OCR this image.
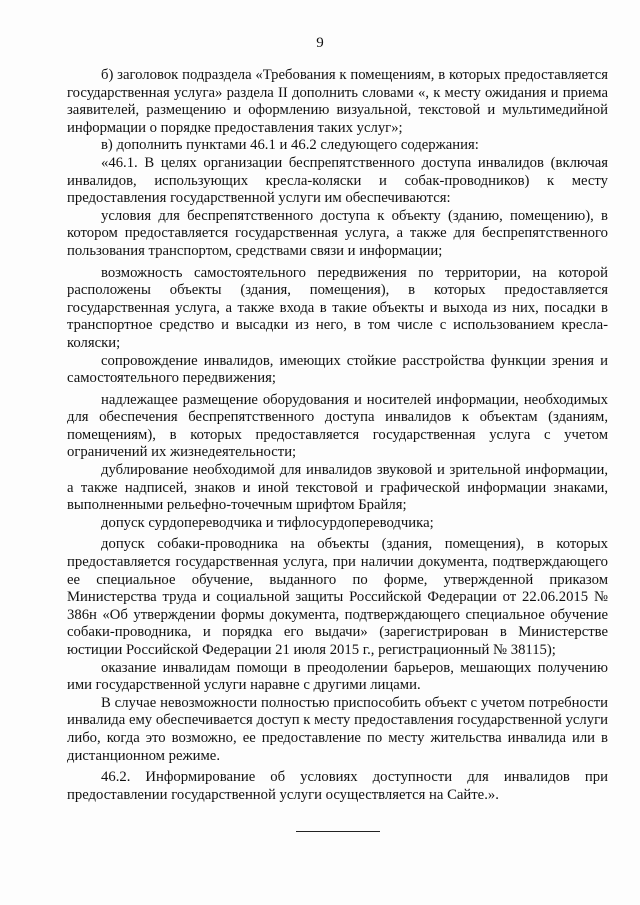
9

б) заголовок подраздела «Требования к помещениям, в которых предоставляется государственная услуга» раздела II дополнить словами «, к месту ожидания и приема заявителей, размещению и оформлению визуальной, текстовой и мультимедийной информации о порядке предоставления таких услуг»;

в) дополнить пунктами 46.1 и 46.2 следующего содержания:

«46.1. В целях организации беспрепятственного доступа инвалидов (включая инвалидов, использующих кресла-коляски и собак-проводников) к месту предоставления государственной услуги им обеспечиваются:

условия для беспрепятственного доступа к объекту (зданию, помещению), в котором предоставляется государственная услуга, а также для беспрепятственного пользования транспортом, средствами связи и информации;

возможность самостоятельного передвижения по территории, на которой расположены объекты (здания, помещения), в которых предоставляется государственная услуга, а также входа в такие объекты и выхода из них, посадки в транспортное средство и высадки из него, в том числе с использованием кресла-коляски;

сопровождение инвалидов, имеющих стойкие расстройства функции зрения и самостоятельного передвижения;

надлежащее размещение оборудования и носителей информации, необходимых для обеспечения беспрепятственного доступа инвалидов к объектам (зданиям, помещениям), в которых предоставляется государственная услуга с учетом ограничений их жизнедеятельности;

дублирование необходимой для инвалидов звуковой и зрительной информации, а также надписей, знаков и иной текстовой и графической информации знаками, выполненными рельефно-точечным шрифтом Брайля;

допуск сурдопереводчика и тифлосурдопереводчика;

допуск собаки-проводника на объекты (здания, помещения), в которых предоставляется государственная услуга, при наличии документа, подтверждающего ее специальное обучение, выданного по форме, утвержденной приказом Министерства труда и социальной защиты Российской Федерации от 22.06.2015 № 386н «Об утверждении формы документа, подтверждающего специальное обучение собаки-проводника, и порядка его выдачи» (зарегистрирован в Министерстве юстиции Российской Федерации 21 июля 2015 г., регистрационный № 38115);

оказание инвалидам помощи в преодолении барьеров, мешающих получению ими государственной услуги наравне с другими лицами.

В случае невозможности полностью приспособить объект с учетом потребности инвалида ему обеспечивается доступ к месту предоставления государственной услуги либо, когда это возможно, ее предоставление по месту жительства инвалида или в дистанционном режиме.

46.2. Информирование об условиях доступности для инвалидов при предоставлении государственной услуги осуществляется на Сайте.».
